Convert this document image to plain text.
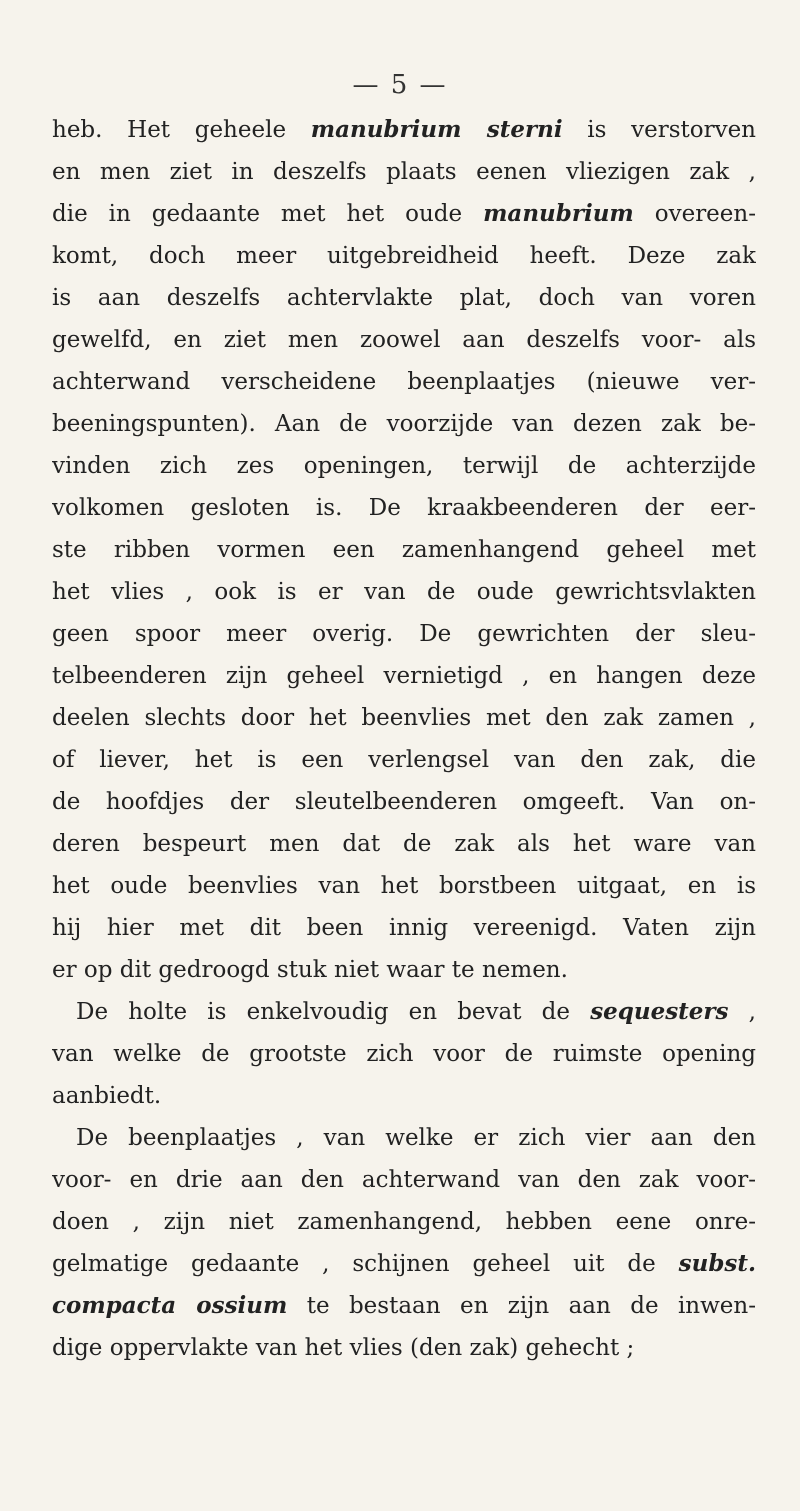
— 5 —
heb. Het geheele manubrium sterni is verstorven
en men ziet in deszelfs plaats eenen vliezigen zak ,
die in gedaante met het oude manubrium overeen-
komt, doch meer uitgebreidheid heeft. Deze zak
is aan deszelfs achtervlakte plat, doch van voren
gewelfd, en ziet men zoowel aan deszelfs voor- als
achterwand verscheidene beenplaatjes (nieuwe ver-
beeningspunten). Aan de voorzijde van dezen zak be-
vinden zich zes openingen, terwijl de achterzijde
volkomen gesloten is. De kraakbeenderen der eer-
ste ribben vormen een zamenhangend geheel met
het vlies , ook is er van de oude gewrichtsvlakten
geen spoor meer overig. De gewrichten der sleu-
telbeenderen zijn geheel vernietigd , en hangen deze
deelen slechts door het beenvlies met den zak zamen ,
of liever, het is een verlengsel van den zak, die
de hoofdjes der sleutelbeenderen omgeeft. Van on-
deren bespeurt men dat de zak als het ware van
het oude beenvlies van het borstbeen uitgaat, en is
hij hier met dit been innig vereenigd. Vaten zijn
er op dit gedroogd stuk niet waar te nemen.
De holte is enkelvoudig en bevat de sequesters ,
van welke de grootste zich voor de ruimste opening
aanbiedt.
De beenplaatjes , van welke er zich vier aan den
voor- en drie aan den achterwand van den zak voor-
doen , zijn niet zamenhangend, hebben eene onre-
gelmatige gedaante , schijnen geheel uit de subst.
compacta ossium te bestaan en zijn aan de inwen-
dige oppervlakte van het vlies (den zak) gehecht ;
